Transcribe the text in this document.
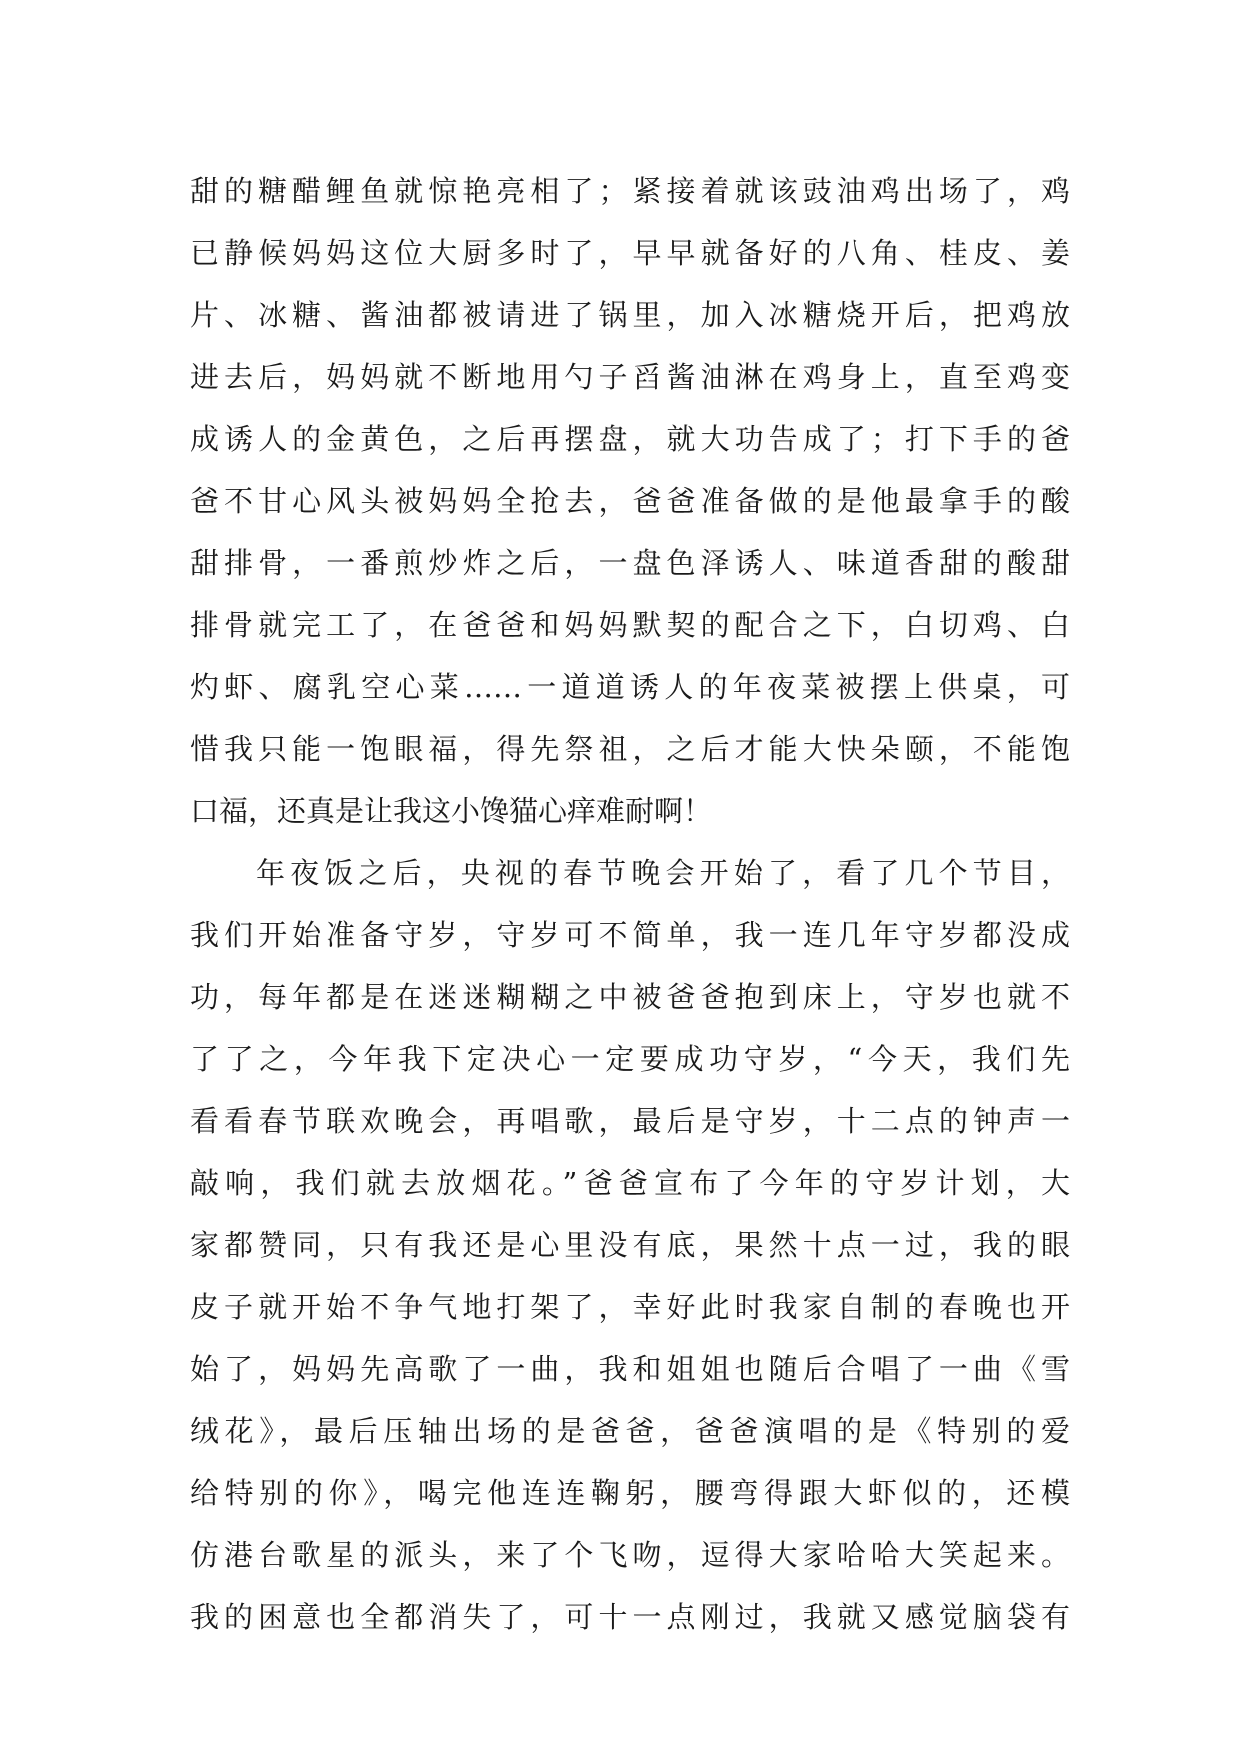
甜的糖醋鲤鱼就惊艳亮相了；紧接着就该豉油鸡出场了，鸡
已静候妈妈这位大厨多时了，早早就备好的八角、桂皮、姜
片、冰糖、酱油都被请进了锅里，加入冰糖烧开后，把鸡放
进去后，妈妈就不断地用勺子舀酱油淋在鸡身上，直至鸡变
成诱人的金黄色，之后再摆盘，就大功告成了；打下手的爸
爸不甘心风头被妈妈全抢去，爸爸准备做的是他最拿手的酸
甜排骨，一番煎炒炸之后，一盘色泽诱人、味道香甜的酸甜
排骨就完工了，在爸爸和妈妈默契的配合之下，白切鸡、白
灼虾、腐乳空心菜……一道道诱人的年夜菜被摆上供桌，可
惜我只能一饱眼福，得先祭祖，之后才能大快朵颐，不能饱
口福，还真是让我这小馋猫心痒难耐啊！
年夜饭之后，央视的春节晚会开始了，看了几个节目，
我们开始准备守岁，守岁可不简单，我一连几年守岁都没成
功，每年都是在迷迷糊糊之中被爸爸抱到床上，守岁也就不
了了之，今年我下定决心一定要成功守岁，“今天，我们先
看看春节联欢晚会，再唱歌，最后是守岁，十二点的钟声一
敲响，我们就去放烟花。”爸爸宣布了今年的守岁计划，大
家都赞同，只有我还是心里没有底，果然十点一过，我的眼
皮子就开始不争气地打架了，幸好此时我家自制的春晚也开
始了，妈妈先高歌了一曲，我和姐姐也随后合唱了一曲《雪
绒花》，最后压轴出场的是爸爸，爸爸演唱的是《特别的爱
给特别的你》，喝完他连连鞠躬，腰弯得跟大虾似的，还模
仿港台歌星的派头，来了个飞吻，逗得大家哈哈大笑起来。
我的困意也全都消失了，可十一点刚过，我就又感觉脑袋有
